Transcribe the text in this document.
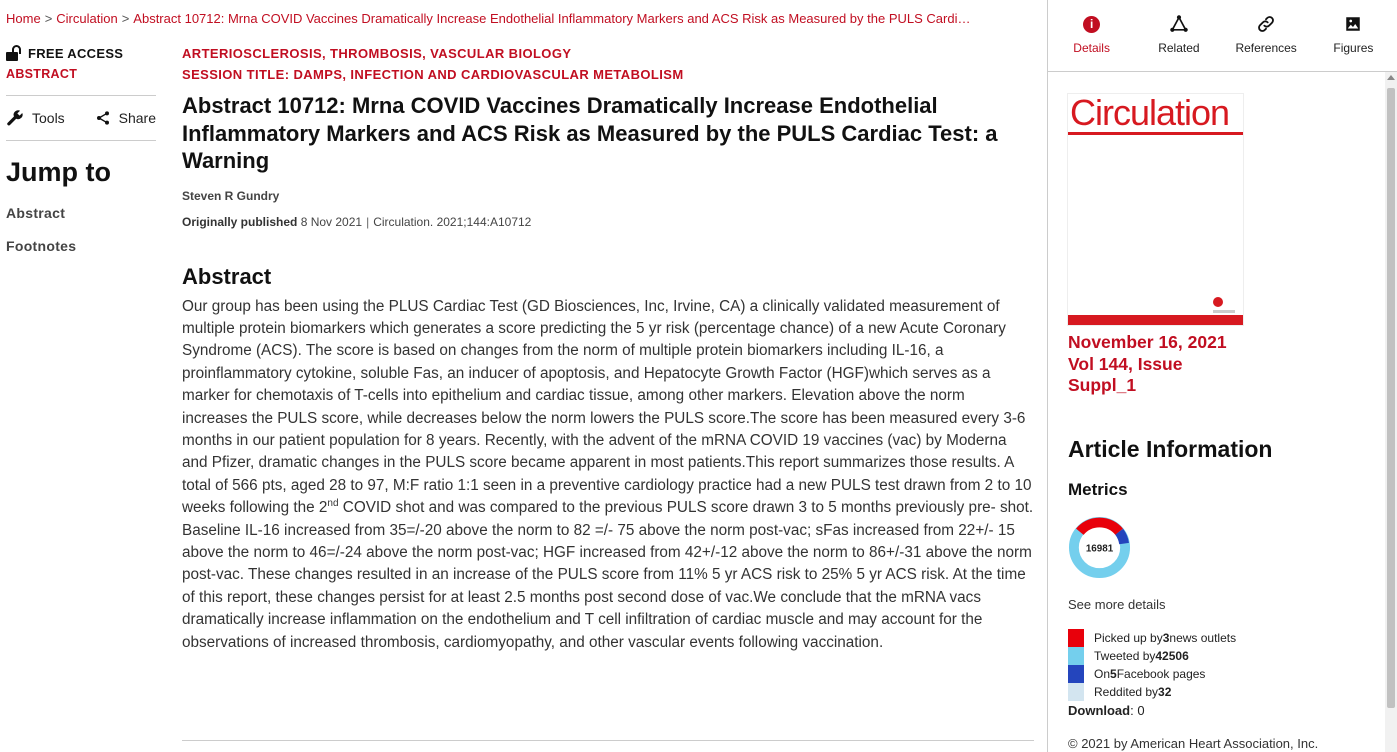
Home > Circulation > Abstract 10712: Mrna COVID Vaccines Dramatically Increase Endothelial Inflammatory Markers and ACS Risk as Measured by the PULS Cardi…
FREE ACCESS
ABSTRACT
Tools	Share
Jump to
Abstract
Footnotes
ARTERIOSCLEROSIS, THROMBOSIS, VASCULAR BIOLOGY
SESSION TITLE: DAMPS, INFECTION AND CARDIOVASCULAR METABOLISM
Abstract 10712: Mrna COVID Vaccines Dramatically Increase Endothelial Inflammatory Markers and ACS Risk as Measured by the PULS Cardiac Test: a Warning
Steven R Gundry
Originally published 8 Nov 2021 | Circulation. 2021;144:A10712
Abstract

Our group has been using the PLUS Cardiac Test (GD Biosciences, Inc, Irvine, CA) a clinically validated measurement of multiple protein biomarkers which generates a score predicting the 5 yr risk (percentage chance) of a new Acute Coronary Syndrome (ACS). The score is based on changes from the norm of multiple protein biomarkers including IL-16, a proinflammatory cytokine, soluble Fas, an inducer of apoptosis, and Hepatocyte Growth Factor (HGF)which serves as a marker for chemotaxis of T-cells into epithelium and cardiac tissue, among other markers. Elevation above the norm increases the PULS score, while decreases below the norm lowers the PULS score.The score has been measured every 3-6 months in our patient population for 8 years. Recently, with the advent of the mRNA COVID 19 vaccines (vac) by Moderna and Pfizer, dramatic changes in the PULS score became apparent in most patients.This report summarizes those results. A total of 566 pts, aged 28 to 97, M:F ratio 1:1 seen in a preventive cardiology practice had a new PULS test drawn from 2 to 10 weeks following the 2nd COVID shot and was compared to the previous PULS score drawn 3 to 5 months previously pre- shot. Baseline IL-16 increased from 35=/-20 above the norm to 82 =/- 75 above the norm post-vac; sFas increased from 22+/- 15 above the norm to 46=/-24 above the norm post-vac; HGF increased from 42+/-12 above the norm to 86+/-31 above the norm post-vac. These changes resulted in an increase of the PULS score from 11% 5 yr ACS risk to 25% 5 yr ACS risk. At the time of this report, these changes persist for at least 2.5 months post second dose of vac.We conclude that the mRNA vacs dramatically increase inflammation on the endothelium and T cell infiltration of cardiac muscle and may account for the observations of increased thrombosis, cardiomyopathy, and other vascular events following vaccination.

i
Details	Related	References	Figures
Circulation
November 16, 2021
Vol 144, Issue
Suppl_1
Article Information
Metrics
16981
See more details
Picked up by 3 news outlets
Tweeted by 42506
On 5 Facebook pages
Reddited by 32
Download: 0
© 2021 by American Heart Association, Inc.
